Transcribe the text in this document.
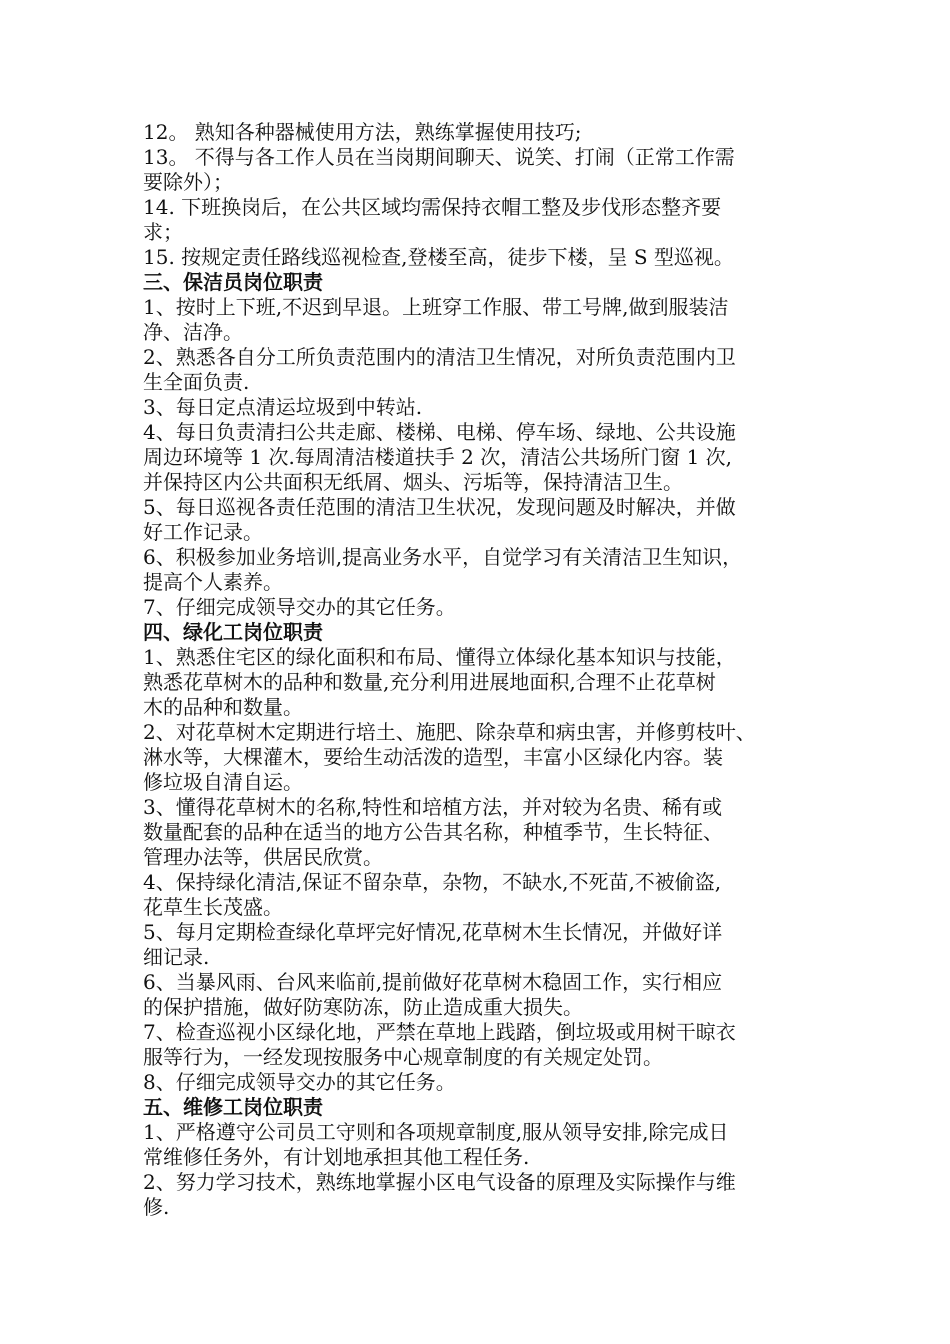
12。 熟知各种器械使用方法，熟练掌握使用技巧;
13。 不得与各工作人员在当岗期间聊天、说笑、打闹（正常工作需
要除外）；
14. 下班换岗后，在公共区域均需保持衣帽工整及步伐形态整齐要
求；
15. 按规定责任路线巡视检查,登楼至高，徒步下楼，呈 S 型巡视。
三、保洁员岗位职责
1、按时上下班,不迟到早退。上班穿工作服、带工号牌,做到服装洁
净、洁净。
2、熟悉各自分工所负责范围内的清洁卫生情况，对所负责范围内卫
生全面负责.
3、每日定点清运垃圾到中转站.
4、每日负责清扫公共走廊、楼梯、电梯、停车场、绿地、公共设施
周边环境等 1 次.每周清洁楼道扶手 2 次，清洁公共场所门窗 1 次,
并保持区内公共面积无纸屑、烟头、污垢等，保持清洁卫生。
5、每日巡视各责任范围的清洁卫生状况，发现问题及时解决，并做
好工作记录。
6、积极参加业务培训,提高业务水平，自觉学习有关清洁卫生知识，
提高个人素养。
7、仔细完成领导交办的其它任务。
四、绿化工岗位职责
1、熟悉住宅区的绿化面积和布局、懂得立体绿化基本知识与技能，
熟悉花草树木的品种和数量,充分利用进展地面积,合理不止花草树
木的品种和数量。
2、对花草树木定期进行培土、施肥、除杂草和病虫害，并修剪枝叶、
淋水等，大棵灌木，要给生动活泼的造型，丰富小区绿化内容。装
修垃圾自清自运。
3、懂得花草树木的名称,特性和培植方法，并对较为名贵、稀有或
数量配套的品种在适当的地方公告其名称，种植季节，生长特征、
管理办法等，供居民欣赏。
4、保持绿化清洁,保证不留杂草，杂物，不缺水,不死苗,不被偷盗,
花草生长茂盛。
5、每月定期检查绿化草坪完好情况,花草树木生长情况，并做好详
细记录.
6、当暴风雨、台风来临前,提前做好花草树木稳固工作，实行相应
的保护措施，做好防寒防冻，防止造成重大损失。
7、检查巡视小区绿化地，严禁在草地上践踏，倒垃圾或用树干晾衣
服等行为，一经发现按服务中心规章制度的有关规定处罚。
8、仔细完成领导交办的其它任务。
五、维修工岗位职责
1、严格遵守公司员工守则和各项规章制度,服从领导安排,除完成日
常维修任务外，有计划地承担其他工程任务.
2、努力学习技术，熟练地掌握小区电气设备的原理及实际操作与维
修.
